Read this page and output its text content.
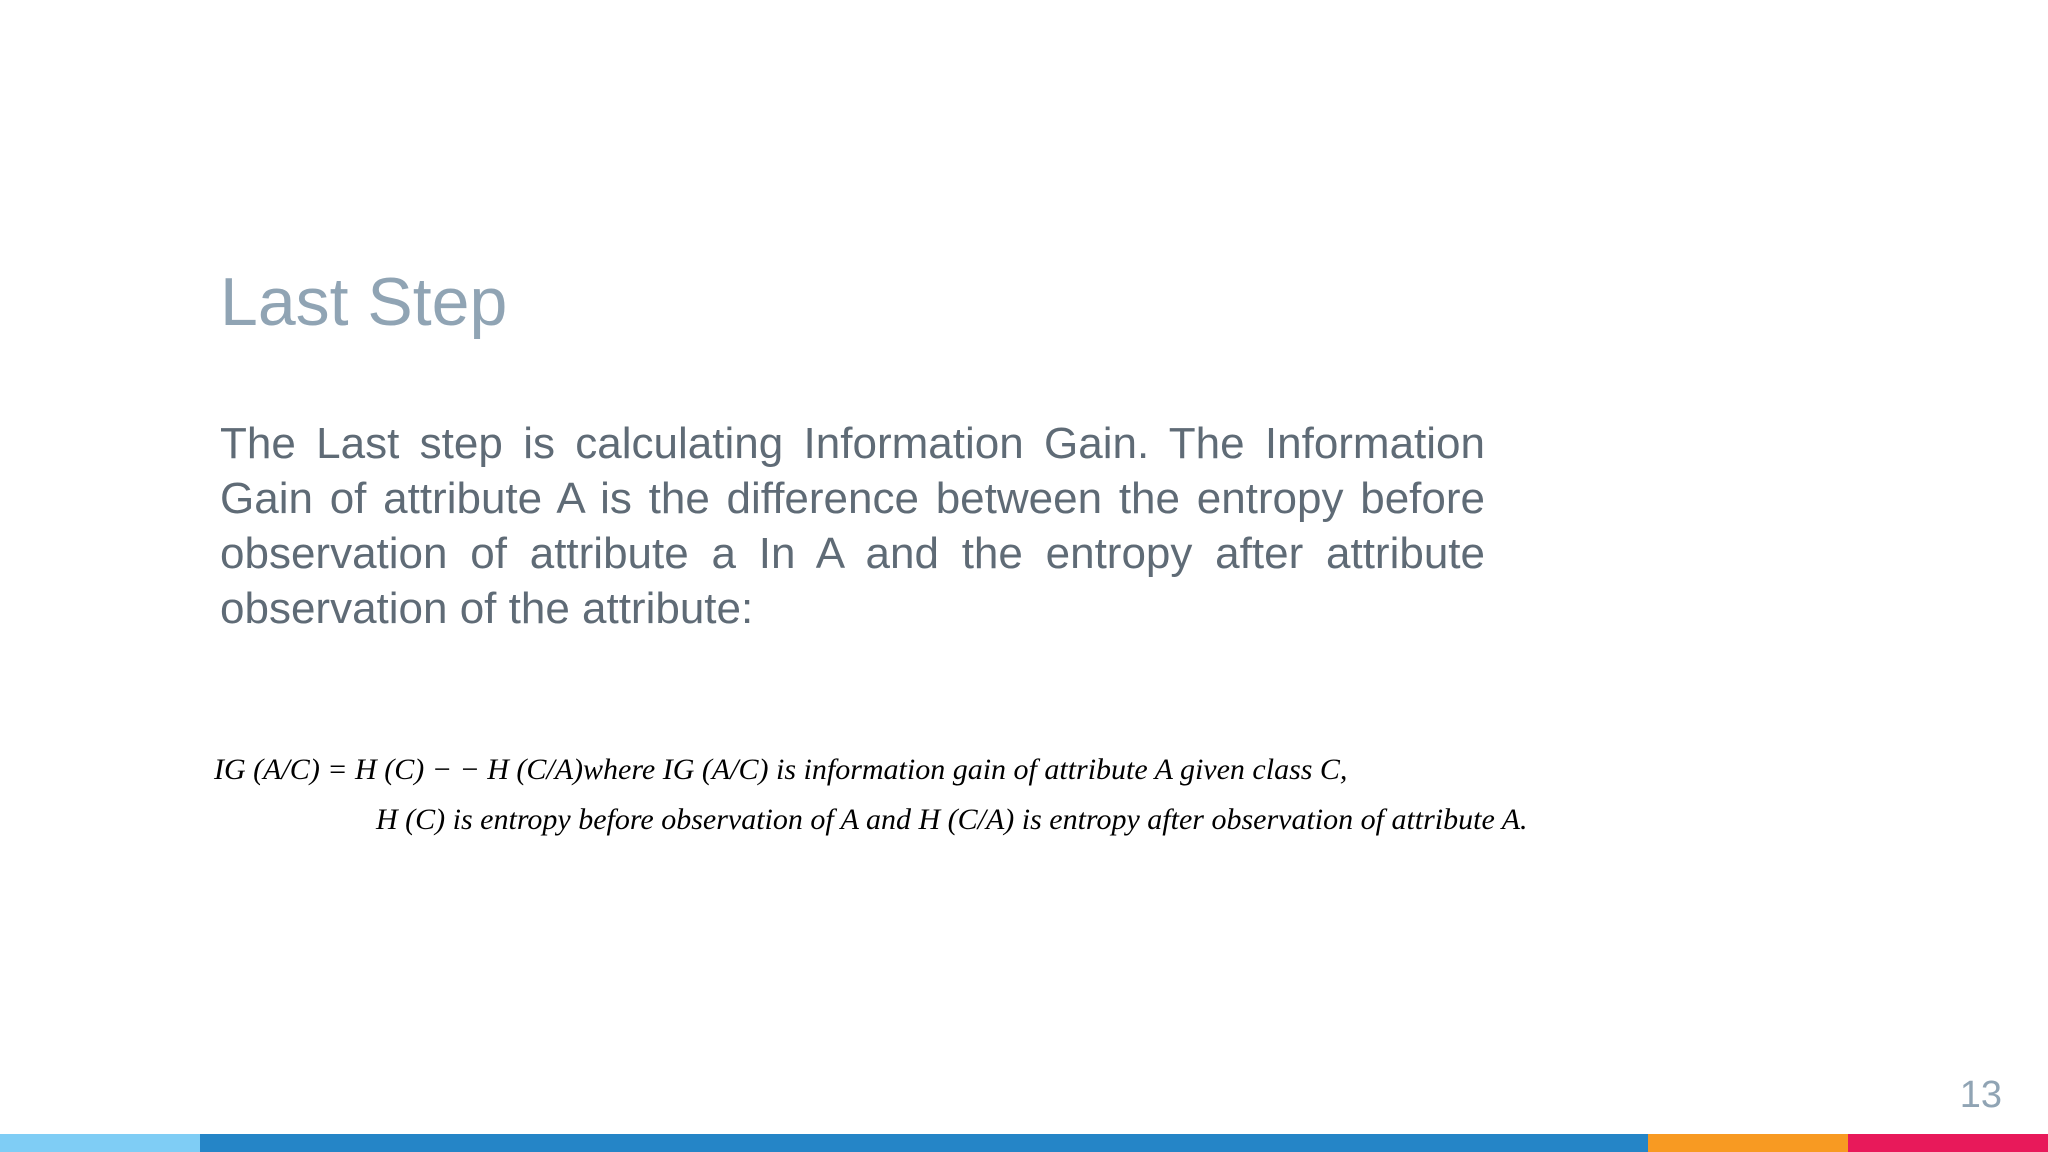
Last Step

The Last step is calculating Information Gain. The Information Gain of attribute A is the difference between the entropy before observation of attribute a In A and the entropy after attribute observation of the attribute:

IG (A/C) = H (C) − − H (C/A)where IG (A/C) is information gain of attribute A given class C,
H (C) is entropy before observation of A and H (C/A) is entropy after observation of attribute A.
13
